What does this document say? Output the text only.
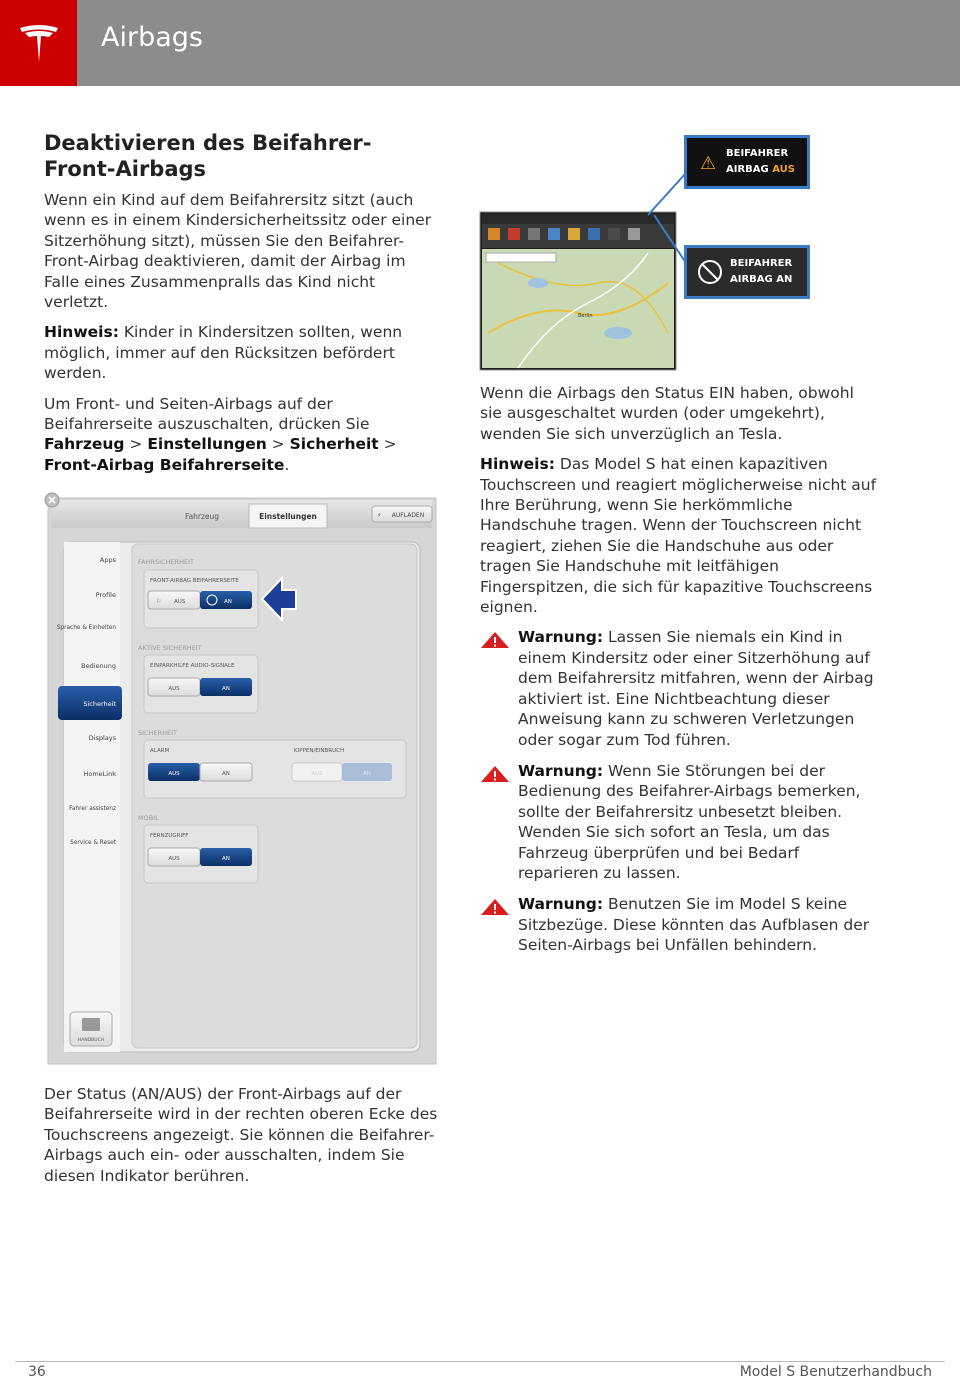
Airbags
Deaktivieren des Beifahrer-Front-Airbags

Wenn ein Kind auf dem Beifahrersitz sitzt (auch wenn es in einem Kindersicherheitssitz oder einer Sitzerhöhung sitzt), müssen Sie den Beifahrer-Front-Airbag deaktivieren, damit der Airbag im Falle eines Zusammenpralls das Kind nicht verletzt.

Hinweis: Kinder in Kindersitzen sollten, wenn möglich, immer auf den Rücksitzen befördert werden.

Um Front- und Seiten-Airbags auf der Beifahrerseite auszuschalten, drücken Sie Fahrzeug > Einstellungen > Sicherheit > Front-Airbag Beifahrerseite.

Fahrzeug	Einstellungen	⚡ AUFLADEN
Apps
Profile
Sprache & Einheiten
Bedienung
Displays
HomeLink
Fahrer assistenz
Service & Reset
Sicherheit
FAHRSICHERHEIT
AKTIVE SICHERHEIT
SICHERHEIT
MOBIL
FRONT-AIRBAG BEIFAHRERSEITE
⚐ AUS	AN
EINPARKHILFE AUDIO-SIGNALE
AUS	AN
ALARM
AUS	AN
KIPPEN/EINBRUCH
AUS	AN
FERNZUGRIFF
AUS	AN
HANDBUCH

Der Status (AN/AUS) der Front-Airbags auf der Beifahrerseite wird in der rechten oberen Ecke des Touchscreens angezeigt. Sie können die Beifahrer-Airbags auch ein- oder ausschalten, indem Sie diesen Indikator berühren.

Berlin
⚠ BEIFAHRER
AIRBAG AUS
BEIFAHRER
AIRBAG AN

Wenn die Airbags den Status EIN haben, obwohl sie ausgeschaltet wurden (oder umgekehrt), wenden Sie sich unverzüglich an Tesla.

Hinweis: Das Model S hat einen kapazitiven Touchscreen und reagiert möglicherweise nicht auf Ihre Berührung, wenn Sie herkömmliche Handschuhe tragen. Wenn der Touchscreen nicht reagiert, ziehen Sie die Handschuhe aus oder tragen Sie Handschuhe mit leitfähigen Fingerspitzen, die sich für kapazitive Touchscreens eignen.

Warnung: Lassen Sie niemals ein Kind in einem Kindersitz oder einer Sitzerhöhung auf dem Beifahrersitz mitfahren, wenn der Airbag aktiviert ist. Eine Nichtbeachtung dieser Anweisung kann zu schweren Verletzungen oder sogar zum Tod führen.

Warnung: Wenn Sie Störungen bei der Bedienung des Beifahrer-Airbags bemerken, sollte der Beifahrersitz unbesetzt bleiben. Wenden Sie sich sofort an Tesla, um das Fahrzeug überprüfen und bei Bedarf reparieren zu lassen.

Warnung: Benutzen Sie im Model S keine Sitzbezüge. Diese könnten das Aufblasen der Seiten-Airbags bei Unfällen behindern.

36	Model S Benutzerhandbuch
